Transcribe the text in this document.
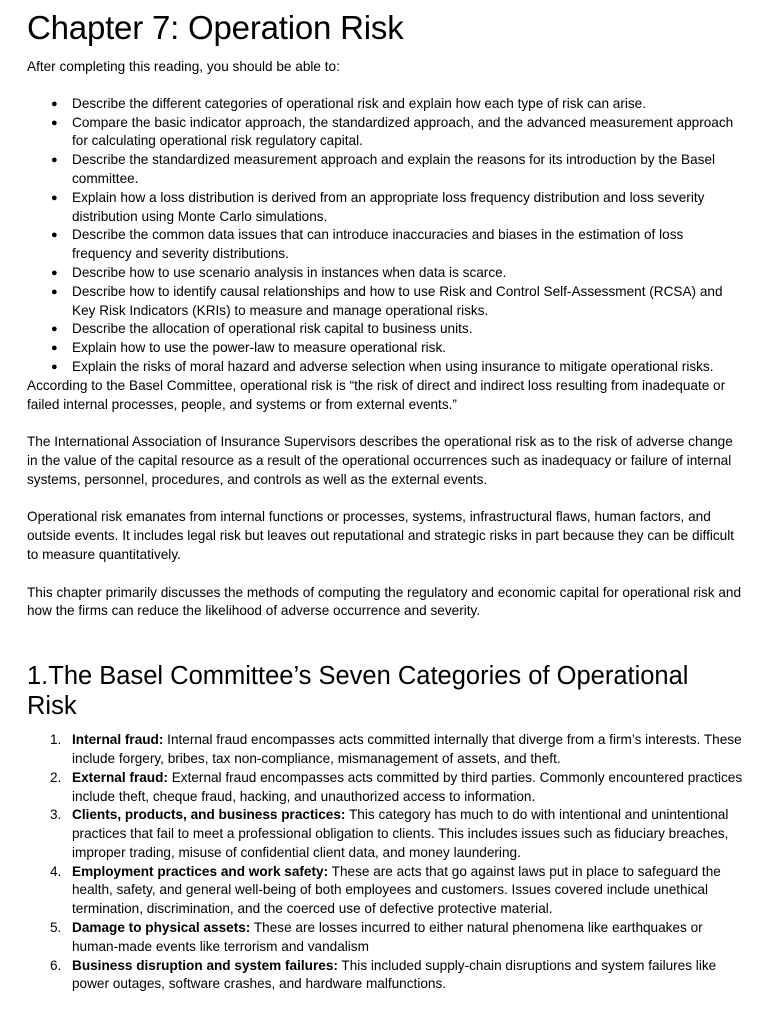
Chapter 7: Operation Risk

After completing this reading, you should be able to:

● Describe the different categories of operational risk and explain how each type of risk can arise.
● Compare the basic indicator approach, the standardized approach, and the advanced measurement approach for calculating operational risk regulatory capital.
● Describe the standardized measurement approach and explain the reasons for its introduction by the Basel committee.
● Explain how a loss distribution is derived from an appropriate loss frequency distribution and loss severity distribution using Monte Carlo simulations.
● Describe the common data issues that can introduce inaccuracies and biases in the estimation of loss frequency and severity distributions.
● Describe how to use scenario analysis in instances when data is scarce.
● Describe how to identify causal relationships and how to use Risk and Control Self-Assessment (RCSA) and Key Risk Indicators (KRIs) to measure and manage operational risks.
● Describe the allocation of operational risk capital to business units.
● Explain how to use the power-law to measure operational risk.
● Explain the risks of moral hazard and adverse selection when using insurance to mitigate operational risks.

According to the Basel Committee, operational risk is “the risk of direct and indirect loss resulting from inadequate or failed internal processes, people, and systems or from external events.”

The International Association of Insurance Supervisors describes the operational risk as to the risk of adverse change in the value of the capital resource as a result of the operational occurrences such as inadequacy or failure of internal systems, personnel, procedures, and controls as well as the external events.

Operational risk emanates from internal functions or processes, systems, infrastructural flaws, human factors, and outside events. It includes legal risk but leaves out reputational and strategic risks in part because they can be difficult to measure quantitatively.

This chapter primarily discusses the methods of computing the regulatory and economic capital for operational risk and how the firms can reduce the likelihood of adverse occurrence and severity.

1.The Basel Committee’s Seven Categories of Operational Risk
1. Internal fraud: Internal fraud encompasses acts committed internally that diverge from a firm’s interests. These include forgery, bribes, tax non-compliance, mismanagement of assets, and theft.
2. External fraud: External fraud encompasses acts committed by third parties. Commonly encountered practices include theft, cheque fraud, hacking, and unauthorized access to information.
3. Clients, products, and business practices: This category has much to do with intentional and unintentional practices that fail to meet a professional obligation to clients. This includes issues such as fiduciary breaches, improper trading, misuse of confidential client data, and money laundering.
4. Employment practices and work safety: These are acts that go against laws put in place to safeguard the health, safety, and general well-being of both employees and customers. Issues covered include unethical termination, discrimination, and the coerced use of defective protective material.
5. Damage to physical assets: These are losses incurred to either natural phenomena like earthquakes or human-made events like terrorism and vandalism
6. Business disruption and system failures: This included supply-chain disruptions and system failures like power outages, software crashes, and hardware malfunctions.
